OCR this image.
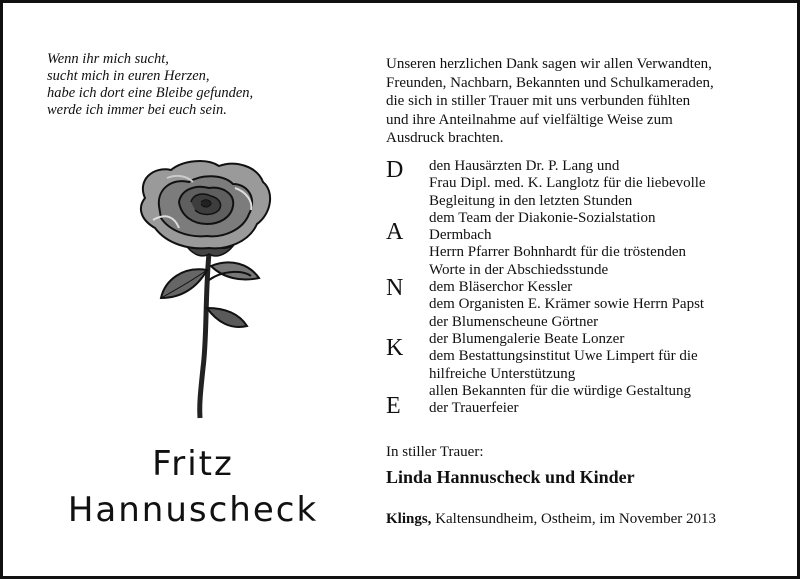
Wenn ihr mich sucht,
sucht mich in euren Herzen,
habe ich dort eine Bleibe gefunden,
werde ich immer bei euch sein.
Fritz
Hannuscheck
Unseren herzlichen Dank sagen wir allen Verwandten,
Freunden, Nachbarn, Bekannten und Schulkameraden,
die sich in stiller Trauer mit uns verbunden fühlten
und ihre Anteilnahme auf vielfältige Weise zum
Ausdruck brachten.
D
A
N
K
E
den Hausärzten Dr. P. Lang und
Frau Dipl. med. K. Langlotz für die liebevolle
Begleitung in den letzten Stunden
dem Team der Diakonie-Sozialstation
Dermbach
Herrn Pfarrer Bohnhardt für die tröstenden
Worte in der Abschiedsstunde
dem Bläserchor Kessler
dem Organisten E. Krämer sowie Herrn Papst
der Blumenscheune Görtner
der Blumengalerie Beate Lonzer
dem Bestattungsinstitut Uwe Limpert für die
hilfreiche Unterstützung
allen Bekannten für die würdige Gestaltung
der Trauerfeier
In stiller Trauer:
Linda Hannuscheck und Kinder
Klings, Kaltensundheim, Ostheim, im November 2013
